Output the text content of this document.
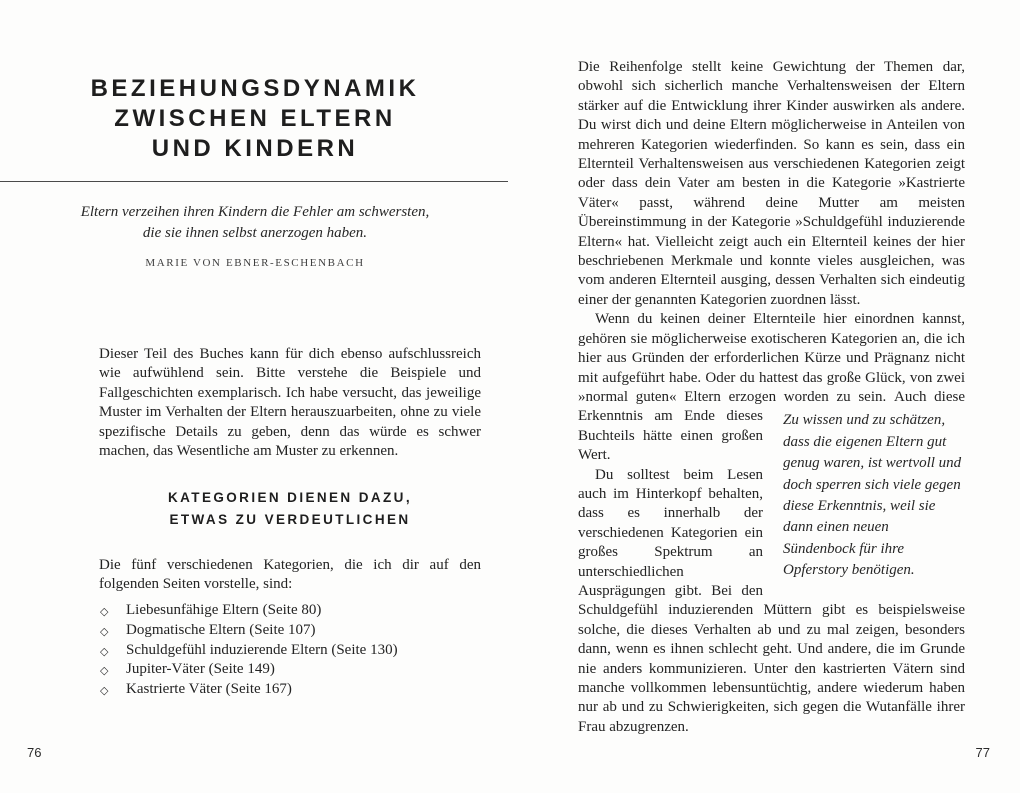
BEZIEHUNGSDYNAMIK
ZWISCHEN ELTERN
UND KINDERN
Eltern verzeihen ihren Kindern die Fehler am schwersten,
die sie ihnen selbst anerzogen haben.
MARIE VON EBNER-ESCHENBACH

Dieser Teil des Buches kann für dich ebenso aufschlussreich wie aufwühlend sein. Bitte verstehe die Beispiele und Fallgeschichten exemplarisch. Ich habe versucht, das jeweilige Muster im Verhalten der Eltern herauszuarbeiten, ohne zu viele spezifische Details zu geben, denn das würde es schwer machen, das Wesentliche am Muster zu erkennen.

KATEGORIEN DIENEN DAZU,
ETWAS ZU VERDEUTLICHEN

Die fünf verschiedenen Kategorien, die ich dir auf den folgenden Seiten vorstelle, sind:

◇ Liebesunfähige Eltern (Seite 80)
◇ Dogmatische Eltern (Seite 107)
◇ Schuldgefühl induzierende Eltern (Seite 130)
◇ Jupiter-Väter (Seite 149)
◇ Kastrierte Väter (Seite 167)
76

Die Reihenfolge stellt keine Gewichtung der Themen dar, obwohl sich sicherlich manche Verhaltensweisen der Eltern stärker auf die Entwicklung ihrer Kinder auswirken als andere. Du wirst dich und deine Eltern möglicherweise in Anteilen von mehreren Kategorien wiederfinden. So kann es sein, dass ein Elternteil Verhaltensweisen aus verschiedenen Kategorien zeigt oder dass dein Vater am besten in die Kategorie »Kastrierte Väter« passt, während deine Mutter am meisten Übereinstimmung in der Kategorie »Schuldgefühl induzierende Eltern« hat. Vielleicht zeigt auch ein Elternteil keines der hier beschriebenen Merkmale und konnte vieles ausgleichen, was vom anderen Elternteil ausging, dessen Verhalten sich eindeutig einer der genannten Kategorien zuordnen lässt.

Wenn du keinen deiner Elternteile hier einordnen kannst, gehören sie möglicherweise exotischeren Kategorien an, die ich hier aus Gründen der erforderlichen Kürze und Prägnanz nicht mit aufgeführt habe. Oder du hattest das große Glück, von zwei »normal guten« Eltern erzogen worden zu sein.
Zu wissen und zu schätzen, dass die eigenen Eltern gut genug waren, ist wertvoll und doch sperren sich viele gegen diese Erkenntnis, weil sie dann einen neuen Sündenbock für ihre Opferstory benötigen.
Auch diese Erkenntnis am Ende dieses Buchteils hätte einen großen Wert.

Du solltest beim Lesen auch im Hinterkopf behalten, dass es innerhalb der verschiedenen Kategorien ein großes Spektrum an unterschiedlichen Ausprägungen gibt. Bei den Schuldgefühl induzierenden Müttern gibt es beispielsweise solche, die dieses Verhalten ab und zu mal zeigen, besonders dann, wenn es ihnen schlecht geht. Und andere, die im Grunde nie anders kommunizieren. Unter den kastrierten Vätern sind manche vollkommen lebensuntüchtig, andere wiederum haben nur ab und zu Schwierigkeiten, sich gegen die Wutanfälle ihrer Frau abzugrenzen.

77
